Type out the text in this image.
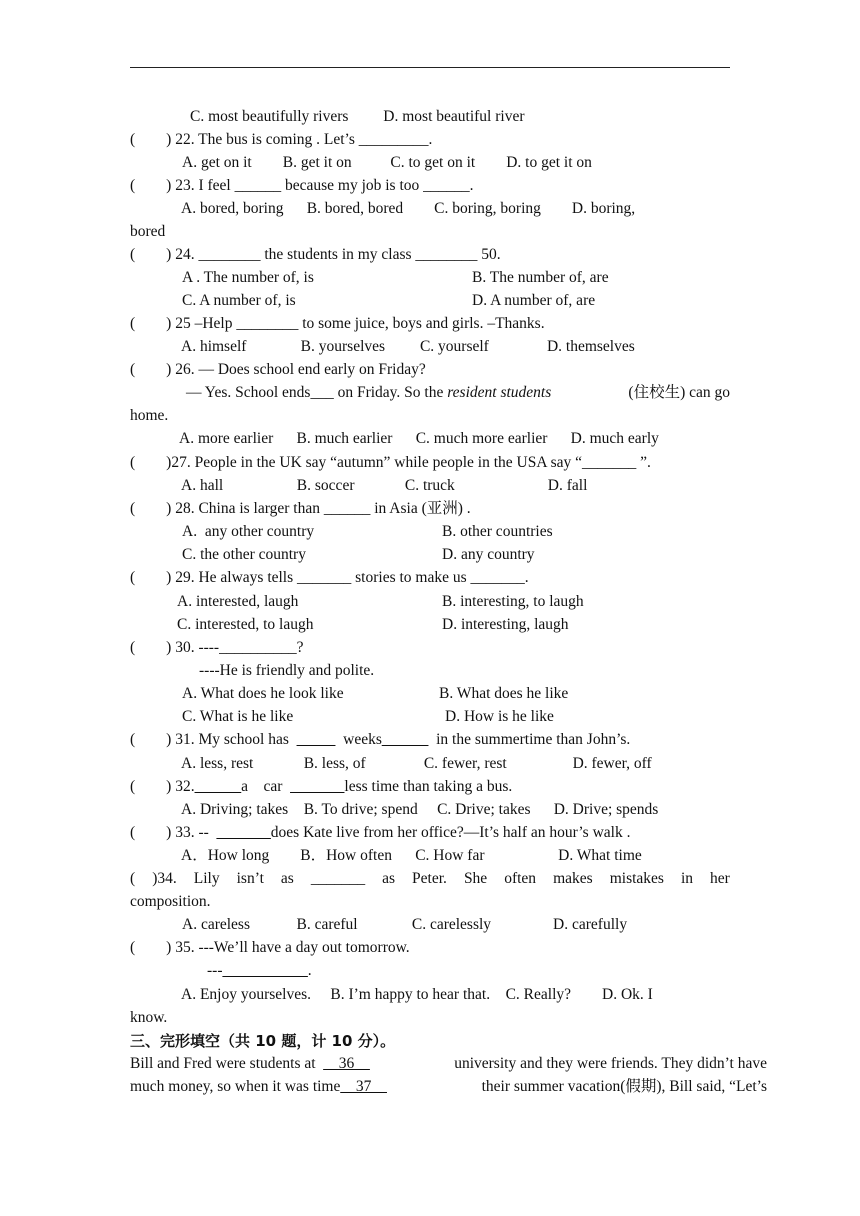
C. most beautifully rivers         D. most beautiful river
(        ) 22. The bus is coming . Let’s _________.
A. get on it        B. get it on          C. to get on it        D. to get it on
(        ) 23. I feel ______ because my job is too ______.
A. bored, boring      B. bored, bored        C. boring, boring        D. boring,
bored
(        ) 24. ________ the students in my class ________ 50.
A . The number of, is	B. The number of, are
C. A number of, is	D. A number of, are
(        ) 25 –Help ________ to some juice, boys and girls. –Thanks.
A. himself              B. yourselves         C. yourself               D. themselves
(        ) 26. — Does school end early on Friday?
— Yes. School ends___ on Friday. So the resident students	(住校生) can go
home.
A. more earlier      B. much earlier      C. much more earlier      D. much early
(        )27. People in the UK say “autumn” while people in the USA say “_______ ”.
A. hall                   B. soccer             C. truck                        D. fall
(        ) 28. China is larger than ______ in Asia (亚洲) .
A.  any other country	B. other countries
C. the other country	D. any country
(        ) 29. He always tells _______ stories to make us _______.
A. interested, laugh	B. interesting, to laugh
C. interested, to laugh	D. interesting, laugh
(        ) 30. ----__________?
----He is friendly and polite.
A. What does he look like	B. What does he like
C. What is he like	D. How is he like
(        ) 31. My school has  _____  weeks______  in the summertime than John’s.
A. less, rest             B. less, of               C. fewer, rest                 D. fewer, off
(        ) 32.______a    car  _______less time than taking a bus.
A. Driving; takes    B. To drive; spend     C. Drive; takes      D. Drive; spends
(        ) 33. --  _______does Kate live from her office?—It’s half an hour’s walk .
A．How long        B．How often      C. How far                   D. What time
( )34. Lily isn’t as _______ as Peter. She often makes mistakes in her
composition.
A. careless            B. careful              C. carelessly                D. carefully
(        ) 35. ---We’ll have a day out tomorrow.
---___________.
A. Enjoy yourselves.     B. I’m happy to hear that.    C. Really?        D. Ok. I
know.
三、完形填空（共 10 题，计 10 分）。
Bill and Fred were students at  __36__	university and they were friends. They didn’t have
much money, so when it was time__37__	their summer vacation(假期), Bill said, “Let’s
